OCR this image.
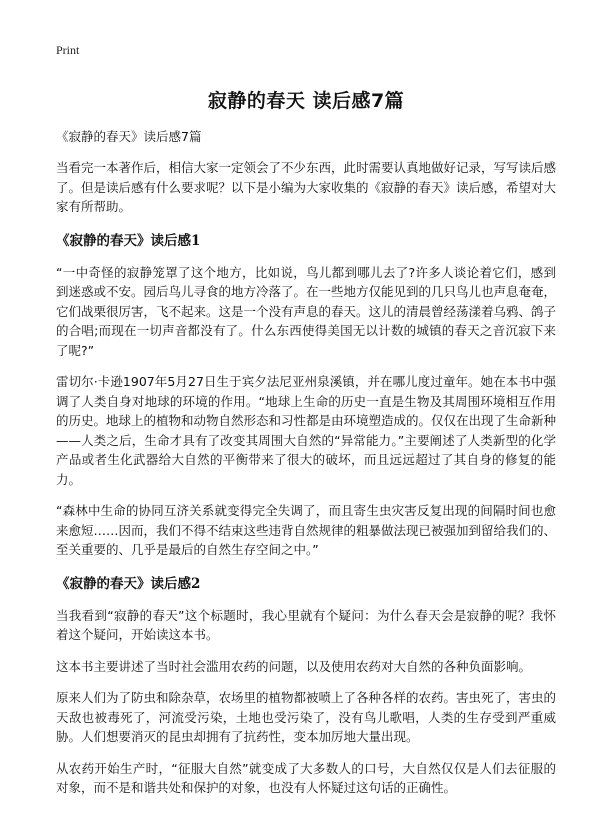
Print

寂静的春天 读后感7篇

《寂静的春天》读后感7篇

当看完一本著作后，相信大家一定领会了不少东西，此时需要认真地做好记录，写写读后感了。但是读后感有什么要求呢？以下是小编为大家收集的《寂静的春天》读后感，希望对大家有所帮助。

《寂静的春天》读后感1

“一中奇怪的寂静笼罩了这个地方，比如说，鸟儿都到哪儿去了?许多人谈论着它们，感到到迷惑或不安。园后鸟儿寻食的地方冷落了。在一些地方仅能见到的几只鸟儿也声息奄奄，它们战栗很厉害，飞不起来。这是一个没有声息的春天。这儿的清晨曾经荡漾着乌鸦、鸽子的合唱;而现在一切声音都没有了。什么东西使得美国无以计数的城镇的春天之音沉寂下来了呢?”

雷切尔·卡逊1907年5月27日生于宾夕法尼亚州泉溪镇，并在哪儿度过童年。她在本书中强调了人类自身对地球的环境的作用。“地球上生命的历史一直是生物及其周围环境相互作用的历史。地球上的植物和动物自然形态和习性都是由环境塑造成的。仅仅在出现了生命新种——人类之后，生命才具有了改变其周围大自然的“异常能力。”主要阐述了人类新型的化学产品或者生化武器给大自然的平衡带来了很大的破坏，而且远远超过了其自身的修复的能力。

“森林中生命的协同互济关系就变得完全失调了，而且寄生虫灾害反复出现的间隔时间也愈来愈短……因而，我们不得不结束这些违背自然规律的粗暴做法现已被强加到留给我们的、至关重要的、几乎是最后的自然生存空间之中。”

《寂静的春天》读后感2

当我看到“寂静的春天”这个标题时，我心里就有个疑问：为什么春天会是寂静的呢？我怀着这个疑问，开始读这本书。

这本书主要讲述了当时社会滥用农药的问题，以及使用农药对大自然的各种负面影响。

原来人们为了防虫和除杂草，农场里的植物都被喷上了各种各样的农药。害虫死了，害虫的天敌也被毒死了，河流受污染，土地也受污染了，没有鸟儿歌唱，人类的生存受到严重威胁。人们想要消灭的昆虫却拥有了抗药性，变本加厉地大量出现。

从农药开始生产时，“征服大自然”就变成了大多数人的口号，大自然仅仅是人们去征服的对象，而不是和谐共处和保护的对象，也没有人怀疑过这句话的正确性。
